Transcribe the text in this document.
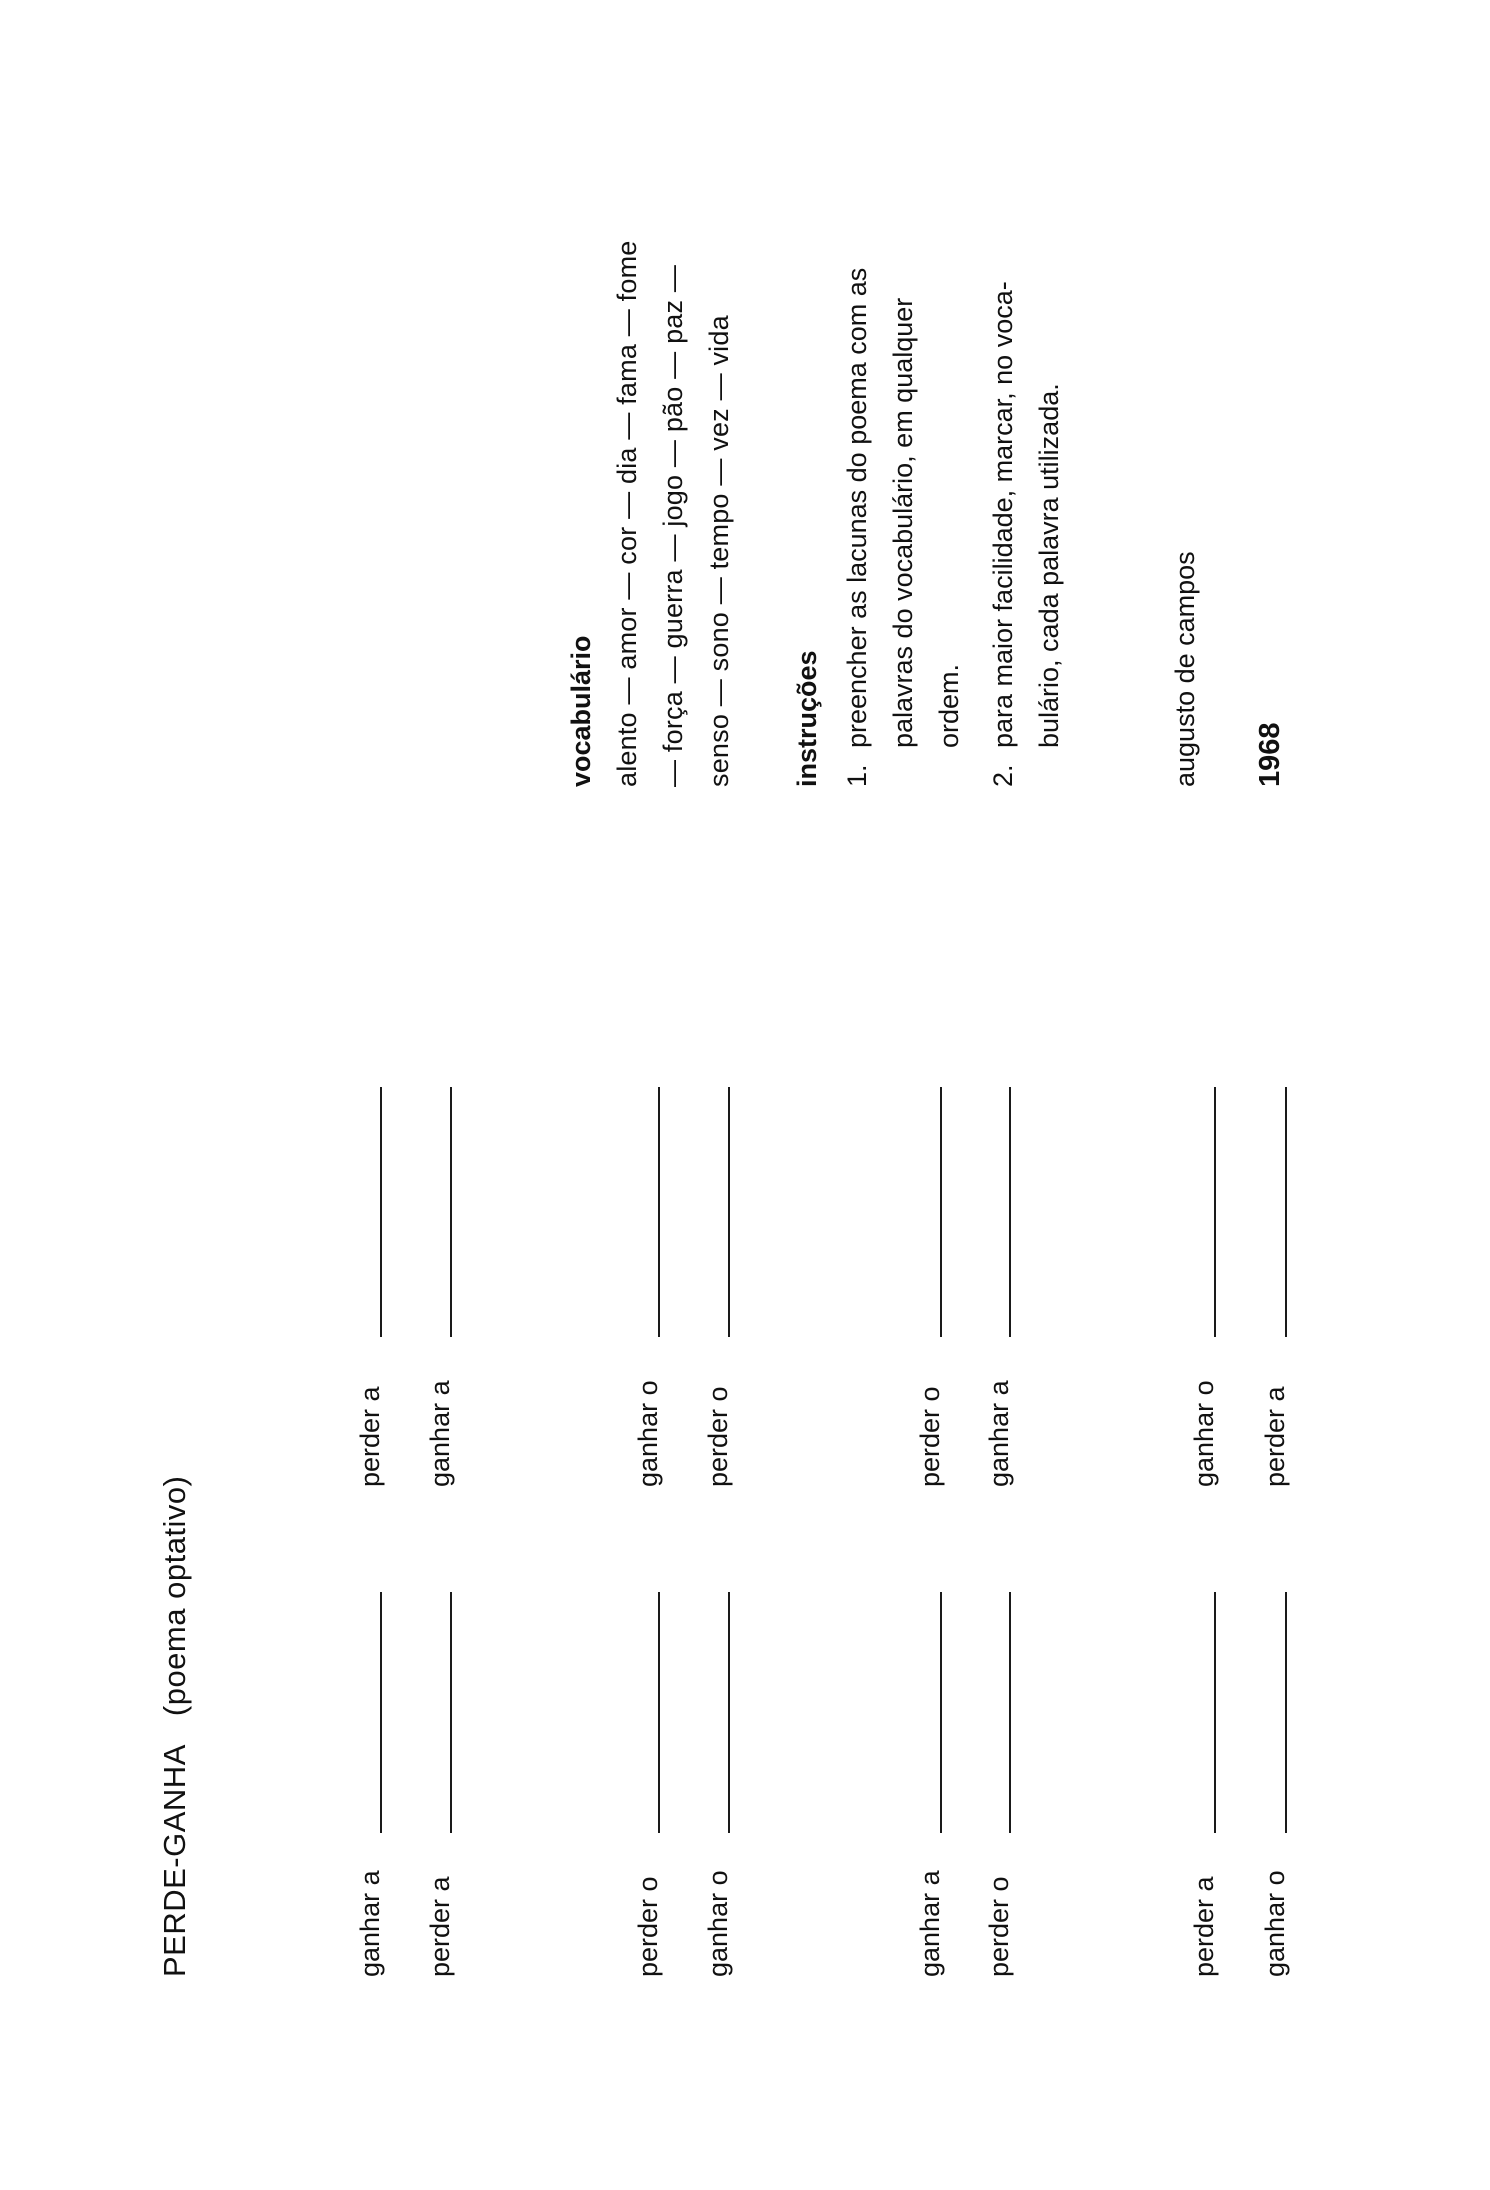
PERDE-GANHA(poema optativo)
ganhar a
perder a
perder a
ganhar a
perder o
ganhar o
ganhar o
perder o
ganhar a
perder o
perder o
ganhar a
perder a
ganhar o
ganhar o
perder a
vocabulário alento — amor — cor — dia — fama — fome — força — guerra — jogo — pão — paz — senso — sono — tempo — vez — vida instruções 1.
preencher as lacunas do poema com as palavras do vocabulário, em qualquer ordem.
2.
para maior facilidade, marcar, no voca- bulário, cada palavra utilizada.	augusto de campos 1968
